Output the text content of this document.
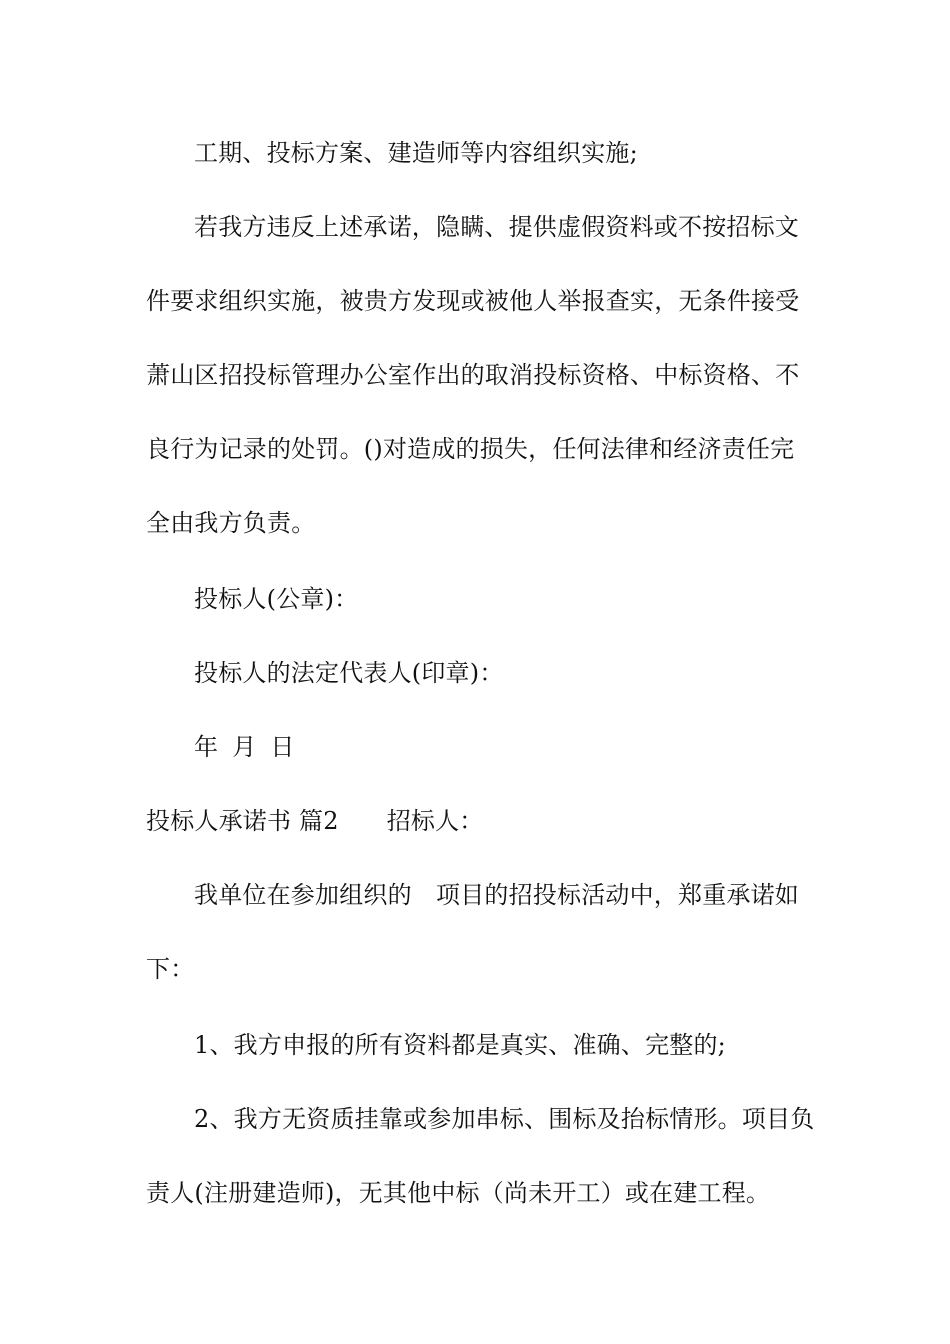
工期、投标方案、建造师等内容组织实施;
若我方违反上述承诺，隐瞒、提供虚假资料或不按招标文
件要求组织实施，被贵方发现或被他人举报查实，无条件接受
萧山区招投标管理办公室作出的取消投标资格、中标资格、不
良行为记录的处罚。()对造成的损失，任何法律和经济责任完
全由我方负责。
投标人(公章)：
投标人的法定代表人(印章)：
年 月 日
投标人承诺书 篇2 招标人：
我单位在参加组织的　项目的招投标活动中，郑重承诺如
下：
1、我方申报的所有资料都是真实、准确、完整的;
2、我方无资质挂靠或参加串标、围标及抬标情形。项目负
责人(注册建造师)，无其他中标（尚未开工）或在建工程。
